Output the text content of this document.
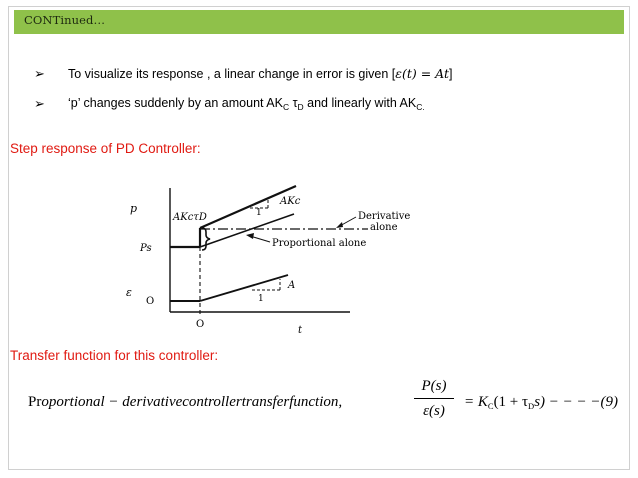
CONTinued…
➢ To visualize its response , a linear change in error is given [ε(t) = At]
➢ ‘p’ changes suddenly by an amount $AK_C$ $\tau_D$ and linearly with $AK_{C.}$
Step response of PD Controller:
p
Ps
ε
O
O
t
AKc
AKcτD	1
1
A
Derivative
alone
Proportional alone
Transfer function for this controller:
Proportional − derivativecontrollertransferfunction,
P(s)
ε(s)
= $K_C(1 + \tau_Ds)$ − − − −(9)
